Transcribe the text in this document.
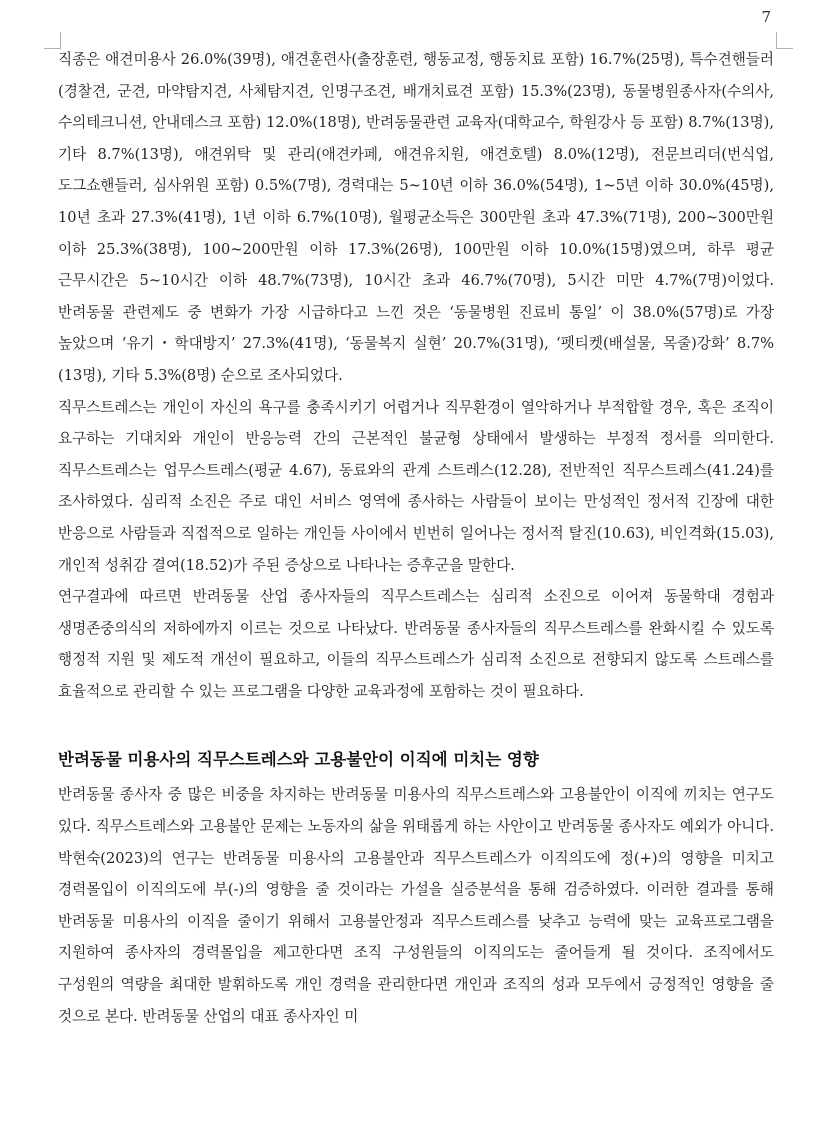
7

직종은 애견미용사 26.0%(39명), 애견훈련사(출장훈련, 행동교정, 행동치료 포함) 16.7%(25명), 특수견핸들러(경찰견, 군견, 마약탐지견, 사체탐지견, 인명구조견, 배개치료견 포함) 15.3%(23명), 동물병원종사자(수의사, 수의테크니션, 안내데스크 포함) 12.0%(18명), 반려동물관련 교육자(대학교수, 학원강사 등 포함) 8.7%(13명), 기타 8.7%(13명), 애견위탁 및 관리(애견카페, 애견유치원, 애견호텔) 8.0%(12명), 전문브리더(번식업, 도그쇼핸들러, 심사위원 포함) 0.5%(7명), 경력대는 5~10년 이하 36.0%(54명), 1~5년 이하 30.0%(45명), 10년 초과 27.3%(41명), 1년 이하 6.7%(10명), 월평균소득은 300만원 초과 47.3%(71명), 200~300만원 이하 25.3%(38명), 100~200만원 이하 17.3%(26명), 100만원 이하 10.0%(15명)였으며, 하루 평균 근무시간은 5~10시간 이하 48.7%(73명), 10시간 초과 46.7%(70명), 5시간 미만 4.7%(7명)이었다. 반려동물 관련제도 중 변화가 가장 시급하다고 느낀 것은 ‘동물병원 진료비 통일’ 이 38.0%(57명)로 가장 높았으며 ‘유기・학대방지’ 27.3%(41명), ‘동물복지 실현’ 20.7%(31명), ‘펫티켓(배설물, 목줄)강화’ 8.7%(13명), 기타 5.3%(8명) 순으로 조사되었다.

직무스트레스는 개인이 자신의 욕구를 충족시키기 어렵거나 직무환경이 열악하거나 부적합할 경우, 혹은 조직이 요구하는 기대치와 개인이 반응능력 간의 근본적인 불균형 상태에서 발생하는 부정적 정서를 의미한다. 직무스트레스는 업무스트레스(평균 4.67), 동료와의 관계 스트레스(12.28), 전반적인 직무스트레스(41.24)를 조사하였다. 심리적 소진은 주로 대인 서비스 영역에 종사하는 사람들이 보이는 만성적인 정서적 긴장에 대한 반응으로 사람들과 직접적으로 일하는 개인들 사이에서 빈번히 일어나는 정서적 탈진(10.63), 비인격화(15.03), 개인적 성취감 결여(18.52)가 주된 증상으로 나타나는 증후군을 말한다.

연구결과에 따르면 반려동물 산업 종사자들의 직무스트레스는 심리적 소진으로 이어져 동물학대 경험과 생명존중의식의 저하에까지 이르는 것으로 나타났다. 반려동물 종사자들의 직무스트레스를 완화시킬 수 있도록 행정적 지원 및 제도적 개선이 필요하고, 이들의 직무스트레스가 심리적 소진으로 전향되지 않도록 스트레스를 효율적으로 관리할 수 있는 프로그램을 다양한 교육과정에 포함하는 것이 필요하다.

반려동물 미용사의 직무스트레스와 고용불안이 이직에 미치는 영향

반려동물 종사자 중 많은 비중을 차지하는 반려동물 미용사의 직무스트레스와 고용불안이 이직에 끼치는 연구도 있다. 직무스트레스와 고용불안 문제는 노동자의 삶을 위태롭게 하는 사안이고 반려동물 종사자도 예외가 아니다. 박현숙(2023)의 연구는 반려동물 미용사의 고용불안과 직무스트레스가 이직의도에 정(+)의 영향을 미치고 경력몰입이 이직의도에 부(-)의 영향을 줄 것이라는 가설을 실증분석을 통해 검증하였다. 이러한 결과를 통해 반려동물 미용사의 이직을 줄이기 위해서 고용불안정과 직무스트레스를 낮추고 능력에 맞는 교육프로그램을 지원하여 종사자의 경력몰입을 제고한다면 조직 구성원들의 이직의도는 줄어들게 될 것이다. 조직에서도 구성원의 역량을 최대한 발휘하도록 개인 경력을 관리한다면 개인과 조직의 성과 모두에서 긍정적인 영향을 줄 것으로 본다. 반려동물 산업의 대표 종사자인 미
